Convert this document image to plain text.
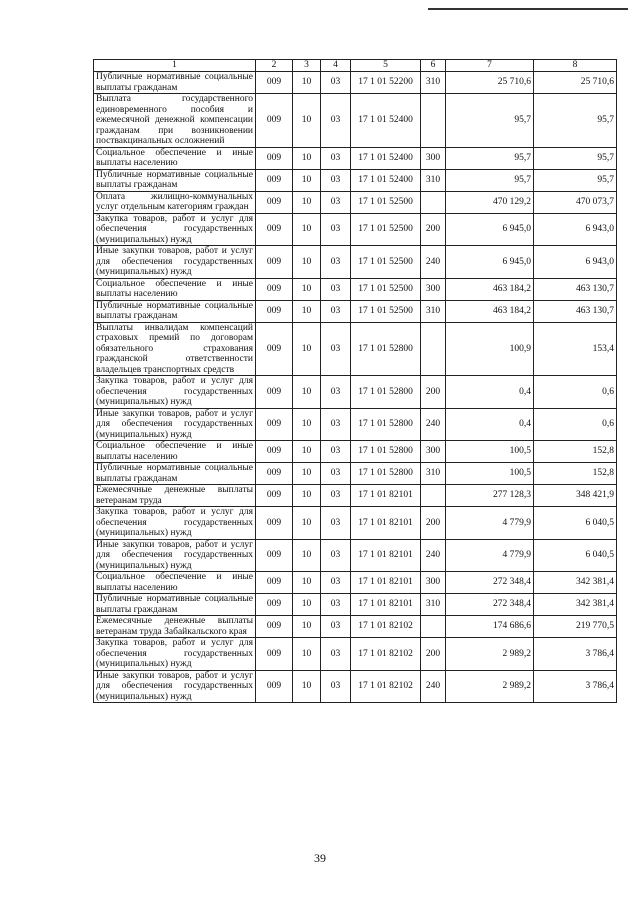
1	2	3	4	5	6	7	8
Публичные нормативные социальные выплаты гражданам	009	10	03	17 1 01 52200	310	25 710,6	25 710,6
Выплата государственного единовременного пособия и ежемесячной денежной компенсации гражданам при возникновении поствакцинальных осложнений	009	10	03	17 1 01 52400		95,7	95,7
Социальное обеспечение и иные выплаты населению	009	10	03	17 1 01 52400	300	95,7	95,7
Публичные нормативные социальные выплаты гражданам	009	10	03	17 1 01 52400	310	95,7	95,7
Оплата жилищно-коммунальных услуг отдельным категориям граждан	009	10	03	17 1 01 52500		470 129,2	470 073,7
Закупка товаров, работ и услуг для обеспечения государственных (муниципальных) нужд	009	10	03	17 1 01 52500	200	6 945,0	6 943,0
Иные закупки товаров, работ и услуг для обеспечения государственных (муниципальных) нужд	009	10	03	17 1 01 52500	240	6 945,0	6 943,0
Социальное обеспечение и иные выплаты населению	009	10	03	17 1 01 52500	300	463 184,2	463 130,7
Публичные нормативные социальные выплаты гражданам	009	10	03	17 1 01 52500	310	463 184,2	463 130,7
Выплаты инвалидам компенсаций страховых премий по договорам обязательного страхования гражданской ответственности владельцев транспортных средств	009	10	03	17 1 01 52800		100,9	153,4
Закупка товаров, работ и услуг для обеспечения государственных (муниципальных) нужд	009	10	03	17 1 01 52800	200	0,4	0,6
Иные закупки товаров, работ и услуг для обеспечения государственных (муниципальных) нужд	009	10	03	17 1 01 52800	240	0,4	0,6
Социальное обеспечение и иные выплаты населению	009	10	03	17 1 01 52800	300	100,5	152,8
Публичные нормативные социальные выплаты гражданам	009	10	03	17 1 01 52800	310	100,5	152,8
Ежемесячные денежные выплаты ветеранам труда	009	10	03	17 1 01 82101		277 128,3	348 421,9
Закупка товаров, работ и услуг для обеспечения государственных (муниципальных) нужд	009	10	03	17 1 01 82101	200	4 779,9	6 040,5
Иные закупки товаров, работ и услуг для обеспечения государственных (муниципальных) нужд	009	10	03	17 1 01 82101	240	4 779,9	6 040,5
Социальное обеспечение и иные выплаты населению	009	10	03	17 1 01 82101	300	272 348,4	342 381,4
Публичные нормативные социальные выплаты гражданам	009	10	03	17 1 01 82101	310	272 348,4	342 381,4
Ежемесячные денежные выплаты ветеранам труда Забайкальского края	009	10	03	17 1 01 82102		174 686,6	219 770,5
Закупка товаров, работ и услуг для обеспечения государственных (муниципальных) нужд	009	10	03	17 1 01 82102	200	2 989,2	3 786,4
Иные закупки товаров, работ и услуг для обеспечения государственных (муниципальных) нужд	009	10	03	17 1 01 82102	240	2 989,2	3 786,4
39
